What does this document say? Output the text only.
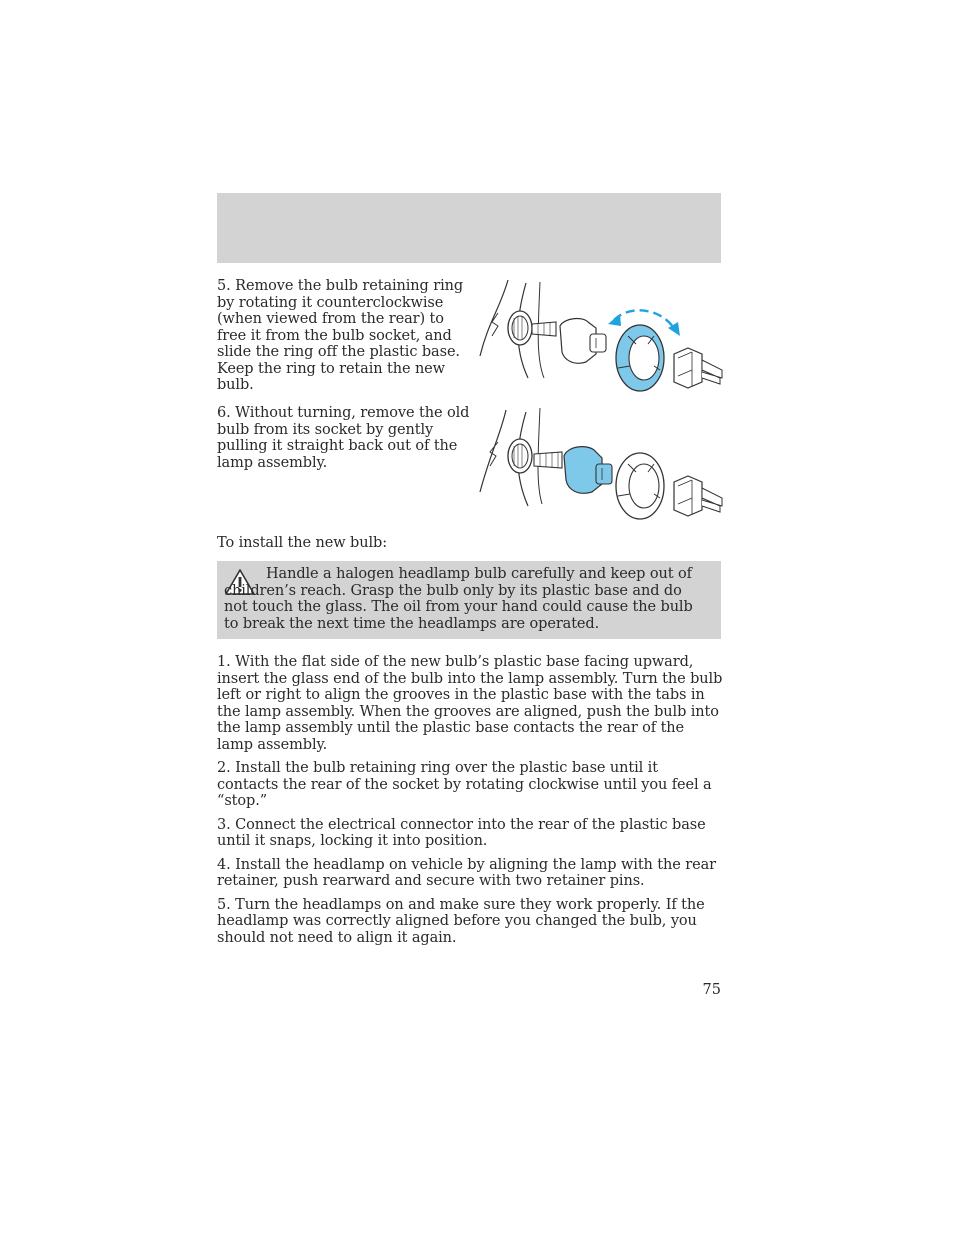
5. Remove the bulb retaining ring by rotating it counterclockwise (when viewed from the rear) to free it from the bulb socket, and slide the ring off the plastic base. Keep the ring to retain the new bulb.
6. Without turning, remove the old bulb from its socket by gently pulling it straight back out of the lamp assembly.
To install the new bulb:
Handle a halogen headlamp bulb carefully and keep out of children’s reach. Grasp the bulb only by its plastic base and do not touch the glass. The oil from your hand could cause the bulb to break the next time the headlamps are operated.

1. With the flat side of the new bulb’s plastic base facing upward, insert the glass end of the bulb into the lamp assembly. Turn the bulb left or right to align the grooves in the plastic base with the tabs in the lamp assembly. When the grooves are aligned, push the bulb into the lamp assembly until the plastic base contacts the rear of the lamp assembly.

2. Install the bulb retaining ring over the plastic base until it contacts the rear of the socket by rotating clockwise until you feel a “stop.”

3. Connect the electrical connector into the rear of the plastic base until it snaps, locking it into position.

4. Install the headlamp on vehicle by aligning the lamp with the rear retainer, push rearward and secure with two retainer pins.

5. Turn the headlamps on and make sure they work properly. If the headlamp was correctly aligned before you changed the bulb, you should not need to align it again.

75
